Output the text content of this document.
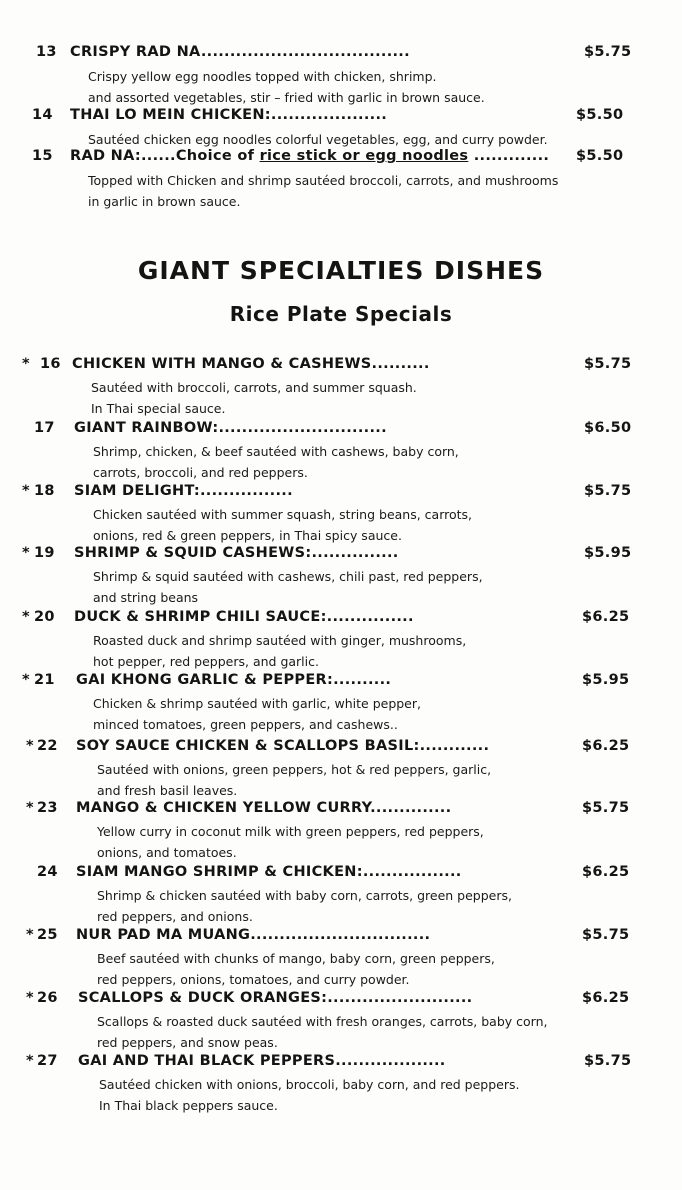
13 CRISPY RAD NA....................................	$5.75
Crispy yellow egg noodles topped with chicken, shrimp.
and assorted vegetables, stir – fried with garlic in brown sauce.
14 THAI LO MEIN CHICKEN:....................	$5.50
Sautéed chicken egg noodles colorful vegetables, egg, and curry powder.
15 RAD NA:......Choice of rice stick or egg noodles ............. $5.50
Topped with Chicken and shrimp sautéed broccoli, carrots, and mushrooms
in garlic in brown sauce.
GIANT SPECIALTIES DISHES
Rice Plate Specials
* 16 CHICKEN WITH MANGO & CASHEWS..........	$5.75
Sautéed with broccoli, carrots, and summer squash.
In Thai special sauce.
17 GIANT RAINBOW:.............................	$6.50
Shrimp, chicken, & beef sautéed with cashews, baby corn,
carrots, broccoli, and red peppers.
* 18 SIAM DELIGHT:................	$5.75
Chicken sautéed with summer squash, string beans, carrots,
onions, red & green peppers, in Thai spicy sauce.
* 19 SHRIMP & SQUID CASHEWS:...............	$5.95
Shrimp & squid sautéed with cashews, chili past, red peppers,
and string beans
* 20 DUCK & SHRIMP CHILI SAUCE:...............	$6.25
Roasted duck and shrimp sautéed with ginger, mushrooms,
hot pepper, red peppers, and garlic.
* 21 GAI KHONG GARLIC & PEPPER:..........	$5.95
Chicken & shrimp sautéed with garlic, white pepper,
minced tomatoes, green peppers, and cashews..
* 22 SOY SAUCE CHICKEN & SCALLOPS BASIL:............	$6.25
Sautéed with onions, green peppers, hot & red peppers, garlic,
and fresh basil leaves.
* 23 MANGO & CHICKEN YELLOW CURRY..............	$5.75
Yellow curry in coconut milk with green peppers, red peppers,
onions, and tomatoes.
24 SIAM MANGO SHRIMP & CHICKEN:.................	$6.25
Shrimp & chicken sautéed with baby corn, carrots, green peppers,
red peppers, and onions.
* 25 NUR PAD MA MUANG...............................	$5.75
Beef sautéed with chunks of mango, baby corn, green peppers,
red peppers, onions, tomatoes, and curry powder.
* 26 SCALLOPS & DUCK ORANGES:.........................	$6.25
Scallops & roasted duck sautéed with fresh oranges, carrots, baby corn,
red peppers, and snow peas.
* 27 GAI AND THAI BLACK PEPPERS...................	$5.75
Sautéed chicken with onions, broccoli, baby corn, and red peppers.
In Thai black peppers sauce.
